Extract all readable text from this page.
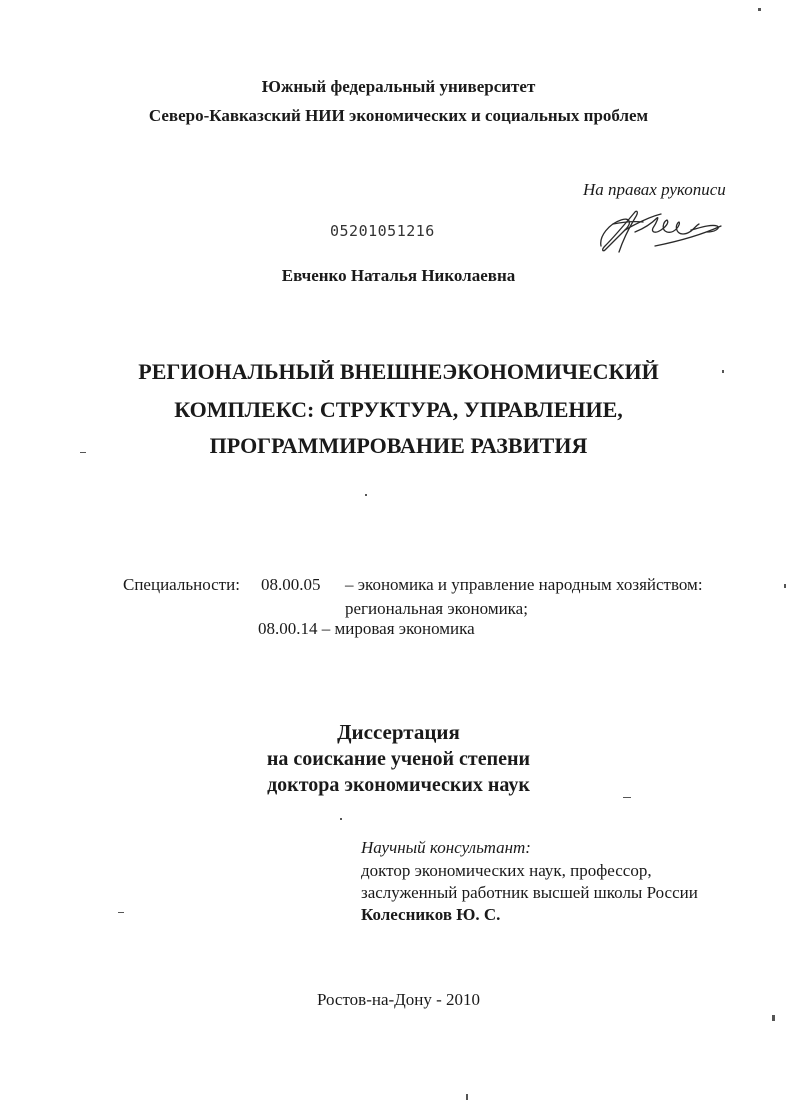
Южный федеральный университет
Северо-Кавказский НИИ экономических и социальных проблем
На правах рукописи
05201051216
Евченко Наталья Николаевна
РЕГИОНАЛЬНЫЙ ВНЕШНЕЭКОНОМИЧЕСКИЙ
КОМПЛЕКС: СТРУКТУРА, УПРАВЛЕНИЕ,
ПРОГРАММИРОВАНИЕ РАЗВИТИЯ
Специальности: 08.00.05 – экономика и управление народным хозяйством:
региональная экономика;
08.00.14 – мировая экономика
Диссертация
на соискание ученой степени
доктора экономических наук
Научный консультант:
доктор экономических наук, профессор,
заслуженный работник высшей школы России
Колесников Ю. С.
Ростов-на-Дону - 2010
